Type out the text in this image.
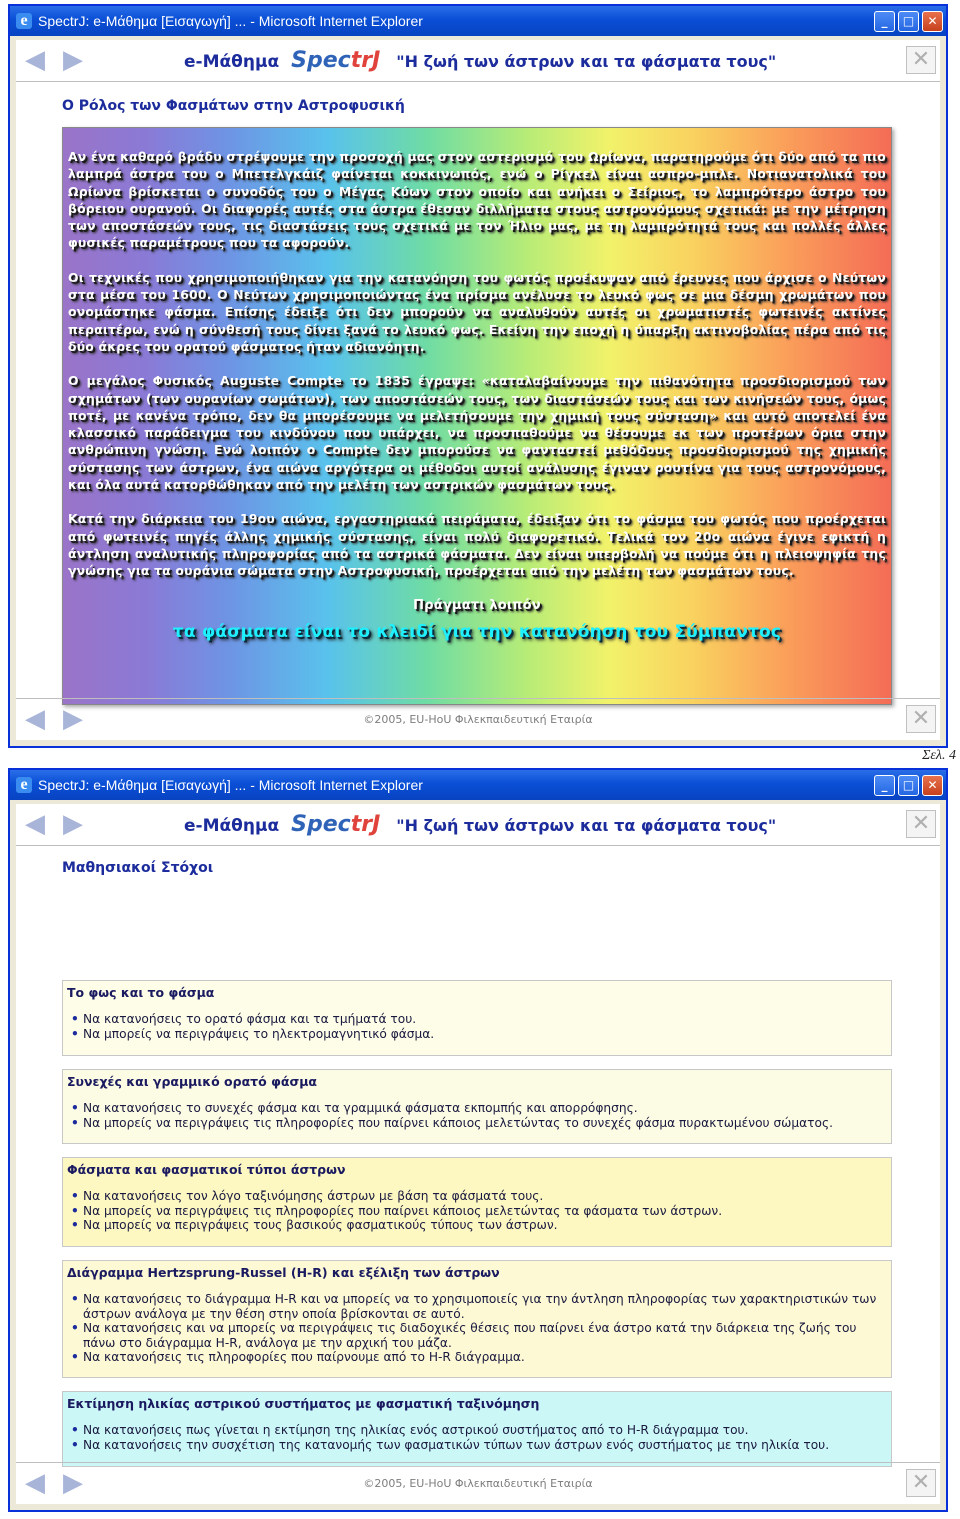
e SpectrJ: e-Μάθημα [Εισαγωγή] ... - Microsoft Internet Explorer	_	□	✕
◀ ▶	e-Μάθημα SpectrJ "Η ζωή των άστρων και τα φάσματα τους"	✕
Ο Ρόλος των Φασμάτων στην Αστροφυσική

Αν ένα καθαρό βράδυ στρέψουμε την προσοχή μας στον αστερισμό του Ωρίωνα, παρατηρούμε ότι δύο από τα πιο λαμπρά άστρα του ο Μπετελγκάιζ φαίνεται κοκκινωπός, ενώ ο Ρίγκελ είναι ασπρο-μπλε. Νοτιανατολικά του Ωρίωνα βρίσκεται ο συνοδός του ο Μέγας Κύων στον οποίο και ανήκει ο Σείριος, το λαμπρότερο άστρο του βόρειου ουρανού. Οι διαφορές αυτές στα άστρα έθεσαν διλλήματα στους αστρονόμους σχετικά: με την μέτρηση των αποστάσεών τους, τις διαστάσεις τους σχετικά με τον Ήλιο μας, με τη λαμπρότητά τους και πολλές άλλες φυσικές παραμέτρους που τα αφορούν.

Οι τεχνικές που χρησιμοποιήθηκαν για την κατανόηση του φωτός προέκυψαν από έρευνες που άρχισε ο Νεύτων στα μέσα του 1600. Ο Νεύτων χρησιμοποιώντας ένα πρίσμα ανέλυσε το λευκό φως σε μια δέσμη χρωμάτων που ονομάστηκε φάσμα. Επίσης έδειξε ότι δεν μπορούν να αναλυθούν αυτές οι χρωματιστές φωτεινές ακτίνες περαιτέρω, ενώ η σύνθεσή τους δίνει ξανά το λευκό φως. Εκείνη την εποχή η ύπαρξη ακτινοβολίας πέρα από τις δύο άκρες του ορατού φάσματος ήταν αδιανόητη.

Ο μεγάλος Φυσικός Auguste Compte το 1835 έγραψε: «καταλαβαίνουμε την πιθανότητα προσδιορισμού των σχημάτων (των ουρανίων σωμάτων), των αποστάσεών τους, των διαστάσεών τους και των κινήσεών τους, όμως ποτέ, με κανένα τρόπο, δεν θα μπορέσουμε να μελετήσουμε την χημική τους σύσταση» και αυτό αποτελεί ένα κλασσικό παράδειγμα του κινδύνου που υπάρχει, να προσπαθούμε να θέσουμε εκ των προτέρων όρια στην ανθρώπινη γνώση. Ενώ λοιπόν ο Compte δεν μπορούσε να φανταστεί μεθόδους προσδιορισμού της χημικής σύστασης των άστρων, ένα αιώνα αργότερα οι μέθοδοι αυτοί ανάλυσης έγιναν ρουτίνα για τους αστρονόμους, και όλα αυτά κατορθώθηκαν από την μελέτη των αστρικών φασμάτων τους.

Κατά την διάρκεια του 19ου αιώνα, εργαστηριακά πειράματα, έδειξαν ότι το φάσμα του φωτός που προέρχεται από φωτεινές πηγές άλλης χημικής σύστασης, είναι πολύ διαφορετικό. Τελικά τον 20ο αιώνα έγινε εφικτή η άντληση αναλυτικής πληροφορίας από τα αστρικά φάσματα. Δεν είναι υπερβολή να πούμε ότι η πλειοψηφία της γνώσης για τα ουράνια σώματα στην Αστροφυσική, προέρχεται από την μελέτη των φασμάτων τους.

Πράγματι λοιπόν

τα φάσματα είναι το κλειδί για την κατανόηση του Σύμπαντος

◀ ▶	©2005, EU-HoU Φιλεκπαιδευτική Εταιρία	✕
Σελ. 4
e SpectrJ: e-Μάθημα [Εισαγωγή] ... - Microsoft Internet Explorer	_	□	✕
◀ ▶	e-Μάθημα SpectrJ "Η ζωή των άστρων και τα φάσματα τους"	✕
Μαθησιακοί Στόχοι
Το φως και το φάσμα
• Να κατανοήσεις το ορατό φάσμα και τα τμήματά του.
• Να μπορείς να περιγράψεις το ηλεκτρομαγνητικό φάσμα.
Συνεχές και γραμμικό ορατό φάσμα
• Να κατανοήσεις το συνεχές φάσμα και τα γραμμικά φάσματα εκπομπής και απορρόφησης.
• Να μπορείς να περιγράψεις τις πληροφορίες που παίρνει κάποιος μελετώντας το συνεχές φάσμα πυρακτωμένου σώματος.
Φάσματα και φασματικοί τύποι άστρων
• Να κατανοήσεις τον λόγο ταξινόμησης άστρων με βάση τα φάσματά τους.
• Να μπορείς να περιγράψεις τις πληροφορίες που παίρνει κάποιος μελετώντας τα φάσματα των άστρων.
• Να μπορείς να περιγράψεις τους βασικούς φασματικούς τύπους των άστρων.
Διάγραμμα Hertzsprung-Russel (H-R) και εξέλιξη των άστρων
• Να κατανοήσεις το διάγραμμα H-R και να μπορείς να το χρησιμοποιείς για την άντληση πληροφορίας των χαρακτηριστικών των άστρων ανάλογα με την θέση στην οποία βρίσκονται σε αυτό.
• Να κατανοήσεις και να μπορείς να περιγράψεις τις διαδοχικές θέσεις που παίρνει ένα άστρο κατά την διάρκεια της ζωής του πάνω στο διάγραμμα H-R, ανάλογα με την αρχική του μάζα.
• Να κατανοήσεις τις πληροφορίες που παίρνουμε από το H-R διάγραμμα.
Εκτίμηση ηλικίας αστρικού συστήματος με φασματική ταξινόμηση
• Να κατανοήσεις πως γίνεται η εκτίμηση της ηλικίας ενός αστρικού συστήματος από το H-R διάγραμμα του.
• Να κατανοήσεις την συσχέτιση της κατανομής των φασματικών τύπων των άστρων ενός συστήματος με την ηλικία του.
◀ ▶	©2005, EU-HoU Φιλεκπαιδευτική Εταιρία	✕
